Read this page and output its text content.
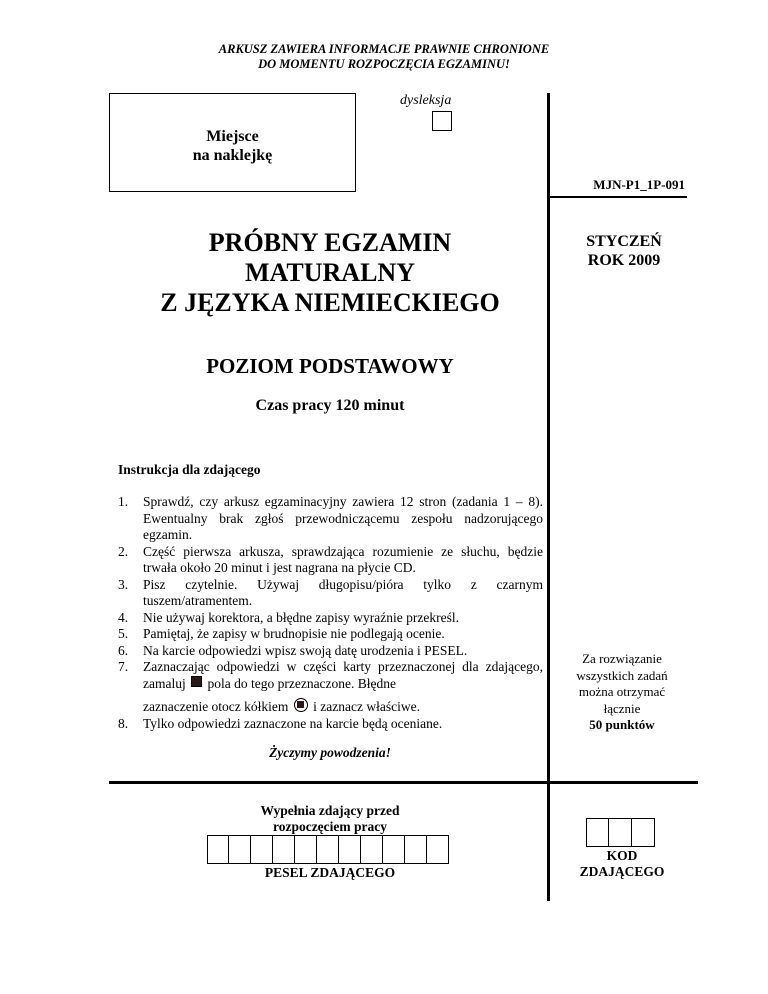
ARKUSZ ZAWIERA INFORMACJE PRAWNIE CHRONIONE
DO MOMENTU ROZPOCZĘCIA EGZAMINU!
Miejsce
na naklejkę
dysleksja
MJN-P1_1P-091
PRÓBNY EGZAMIN
MATURALNY
Z JĘZYKA NIEMIECKIEGO
STYCZEŃ
ROK 2009
POZIOM PODSTAWOWY
Czas pracy 120 minut
Instrukcja dla zdającego
1. Sprawdź, czy arkusz egzaminacyjny zawiera 12 stron (zadania 1 – 8). Ewentualny brak zgłoś przewodniczącemu zespołu nadzorującego egzamin.
2. Część pierwsza arkusza, sprawdzająca rozumienie ze słuchu, będzie trwała około 20 minut i jest nagrana na płycie CD.
3. Pisz czytelnie. Używaj długopisu/pióra tylko z czarnym tuszem/atramentem.
4. Nie używaj korektora, a błędne zapisy wyraźnie przekreśl.
5. Pamiętaj, że zapisy w brudnopisie nie podlegają ocenie.
6. Na karcie odpowiedzi wpisz swoją datę urodzenia i PESEL.
7. Zaznaczając odpowiedzi w części karty przeznaczonej dla zdającego, zamaluj pola do tego przeznaczone. Błędne
zaznaczenie otocz kółkiem i zaznacz właściwe.
8. Tylko odpowiedzi zaznaczone na karcie będą oceniane.
Za rozwiązanie
wszystkich zadań
można otrzymać
łącznie
50 punktów
Życzymy powodzenia!
Wypełnia zdający przed
rozpoczęciem pracy
PESEL ZDAJĄCEGO
KOD
ZDAJĄCEGO
